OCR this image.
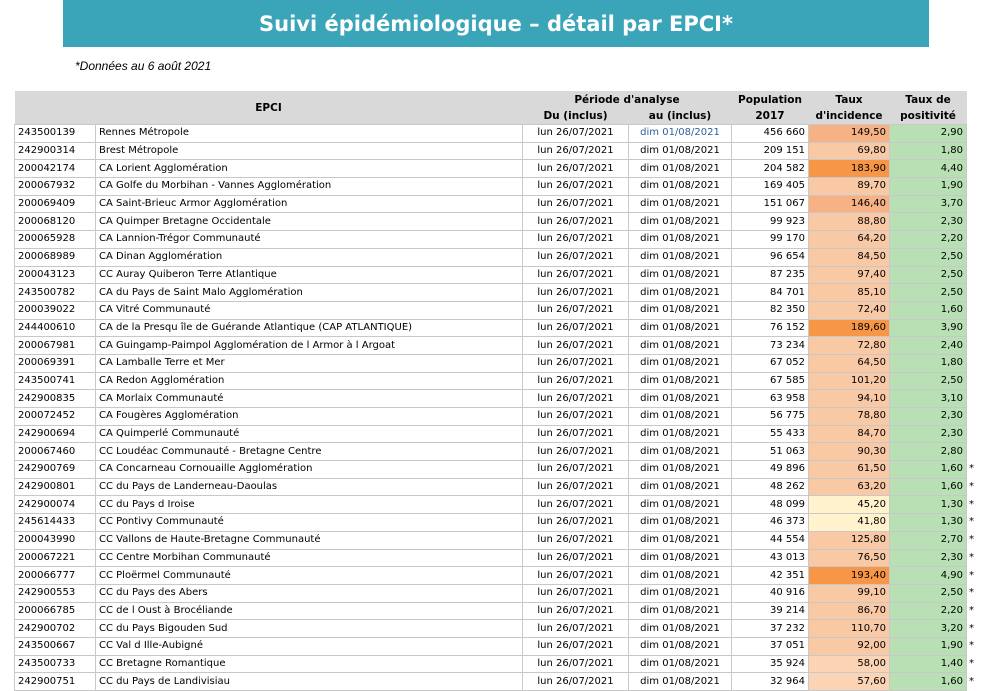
Suivi épidémiologique – détail par EPCI*
*Données au 6 août 2021
EPCI		Période d'analyse		Population	Taux	Taux de	
		Du (inclus)	au (inclus)	2017	d'incidence	positivité	
243500139	Rennes Métropole	lun 26/07/2021	dim 01/08/2021	456 660	149,50	2,90	
242900314	Brest Métropole	lun 26/07/2021	dim 01/08/2021	209 151	69,80	1,80	
200042174	CA Lorient Agglomération	lun 26/07/2021	dim 01/08/2021	204 582	183,90	4,40	
200067932	CA Golfe du Morbihan - Vannes Agglomération	lun 26/07/2021	dim 01/08/2021	169 405	89,70	1,90	
200069409	CA Saint-Brieuc Armor Agglomération	lun 26/07/2021	dim 01/08/2021	151 067	146,40	3,70	
200068120	CA Quimper Bretagne Occidentale	lun 26/07/2021	dim 01/08/2021	99 923	88,80	2,30	
200065928	CA Lannion-Trégor Communauté	lun 26/07/2021	dim 01/08/2021	99 170	64,20	2,20	
200068989	CA Dinan Agglomération	lun 26/07/2021	dim 01/08/2021	96 654	84,50	2,50	
200043123	CC Auray Quiberon Terre Atlantique	lun 26/07/2021	dim 01/08/2021	87 235	97,40	2,50	
243500782	CA du Pays de Saint Malo Agglomération	lun 26/07/2021	dim 01/08/2021	84 701	85,10	2,50	
200039022	CA Vitré Communauté	lun 26/07/2021	dim 01/08/2021	82 350	72,40	1,60	
244400610	CA de la Presqu île de Guérande Atlantique (CAP ATLANTIQUE)	lun 26/07/2021	dim 01/08/2021	76 152	189,60	3,90	
200067981	CA Guingamp-Paimpol Agglomération de l Armor à l Argoat	lun 26/07/2021	dim 01/08/2021	73 234	72,80	2,40	
200069391	CA Lamballe Terre et Mer	lun 26/07/2021	dim 01/08/2021	67 052	64,50	1,80	
243500741	CA Redon Agglomération	lun 26/07/2021	dim 01/08/2021	67 585	101,20	2,50	
242900835	CA Morlaix Communauté	lun 26/07/2021	dim 01/08/2021	63 958	94,10	3,10	
200072452	CA Fougères Agglomération	lun 26/07/2021	dim 01/08/2021	56 775	78,80	2,30	
242900694	CA Quimperlé Communauté	lun 26/07/2021	dim 01/08/2021	55 433	84,70	2,30	
200067460	CC Loudéac Communauté - Bretagne Centre	lun 26/07/2021	dim 01/08/2021	51 063	90,30	2,80	
242900769	CA Concarneau Cornouaille Agglomération	lun 26/07/2021	dim 01/08/2021	49 896	61,50	1,60	*
242900801	CC du Pays de Landerneau-Daoulas	lun 26/07/2021	dim 01/08/2021	48 262	63,20	1,60	*
242900074	CC du Pays d Iroise	lun 26/07/2021	dim 01/08/2021	48 099	45,20	1,30	*
245614433	CC Pontivy Communauté	lun 26/07/2021	dim 01/08/2021	46 373	41,80	1,30	*
200043990	CC Vallons de Haute-Bretagne Communauté	lun 26/07/2021	dim 01/08/2021	44 554	125,80	2,70	*
200067221	CC Centre Morbihan Communauté	lun 26/07/2021	dim 01/08/2021	43 013	76,50	2,30	*
200066777	CC Ploërmel Communauté	lun 26/07/2021	dim 01/08/2021	42 351	193,40	4,90	*
242900553	CC du Pays des Abers	lun 26/07/2021	dim 01/08/2021	40 916	99,10	2,50	*
200066785	CC de l Oust à Brocéliande	lun 26/07/2021	dim 01/08/2021	39 214	86,70	2,20	*
242900702	CC du Pays Bigouden Sud	lun 26/07/2021	dim 01/08/2021	37 232	110,70	3,20	*
243500667	CC Val d Ille-Aubigné	lun 26/07/2021	dim 01/08/2021	37 051	92,00	1,90	*
243500733	CC Bretagne Romantique	lun 26/07/2021	dim 01/08/2021	35 924	58,00	1,40	*
242900751	CC du Pays de Landivisiau	lun 26/07/2021	dim 01/08/2021	32 964	57,60	1,60	*
